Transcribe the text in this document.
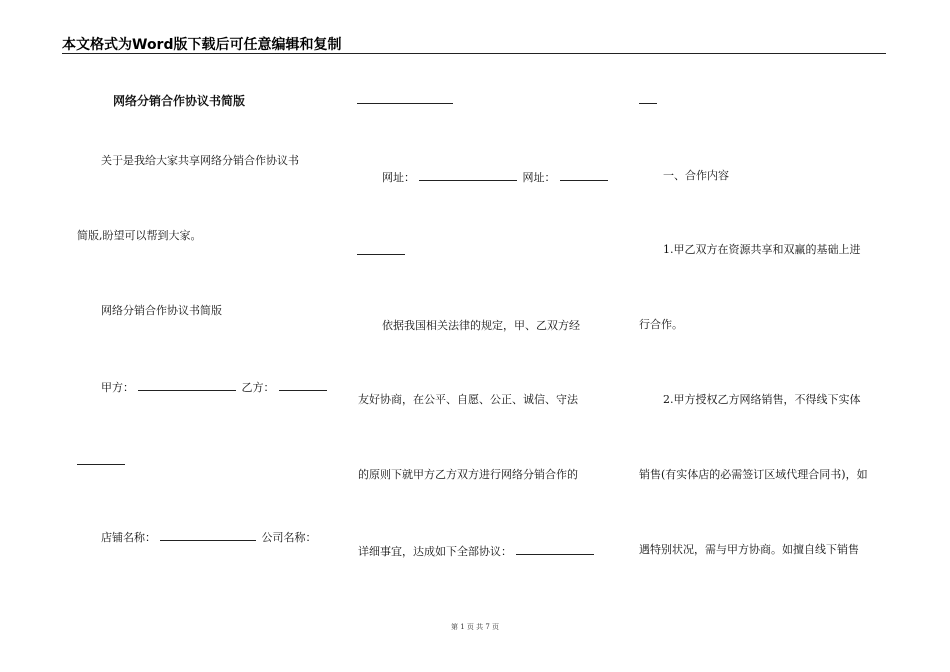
本文格式为Word版下载后可任意编辑和复制
网络分销合作协议书简版
关于是我给大家共享网络分销合作协议书
简版,盼望可以帮到大家。
网络分销合作协议书简版
甲方：	乙方：
店铺名称：	公司名称：
网址：	网址：
依据我国相关法律的规定，甲、乙双方经
友好协商，在公平、自愿、公正、诚信、守法
的原则下就甲方乙方双方进行网络分销合作的
详细事宜，达成如下全部协议：
一、合作内容
1.甲乙双方在资源共享和双赢的基础上进
行合作。
2.甲方授权乙方网络销售，不得线下实体
销售(有实体店的必需签订区域代理合同书)，如
遇特别状况，需与甲方协商。如擅自线下销售
第 1 页 共 7 页
